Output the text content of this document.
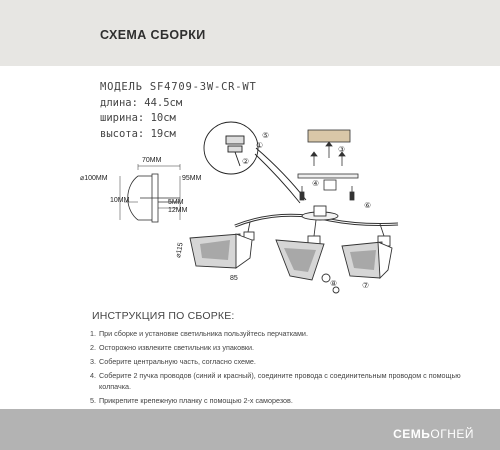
СХЕМА СБОРКИ
МОДЕЛЬ SF4709-3W-CR-WT
длина: 44.5см
ширина: 10см
высота: 19см
70ММ
⌀100ММ	95ММ
10ММ	5ММ
12ММ
⌀115
85
①
②
③
④
⑤
⑥
⑦
⑧
ИНСТРУКЦИЯ ПО СБОРКЕ:
1. При сборке и установке светильника пользуйтесь перчатками.
2. Осторожно извлеките светильник из упаковки.
3. Соберите центральную часть, согласно схеме.
4. Соберите 2 пучка проводов (синий и красный), соедините провода с соединительным проводом с помощью колпачка.
5. Прикрепите крепежную планку с помощью 2-х саморезов.
СЕМЬОГНЕЙ
